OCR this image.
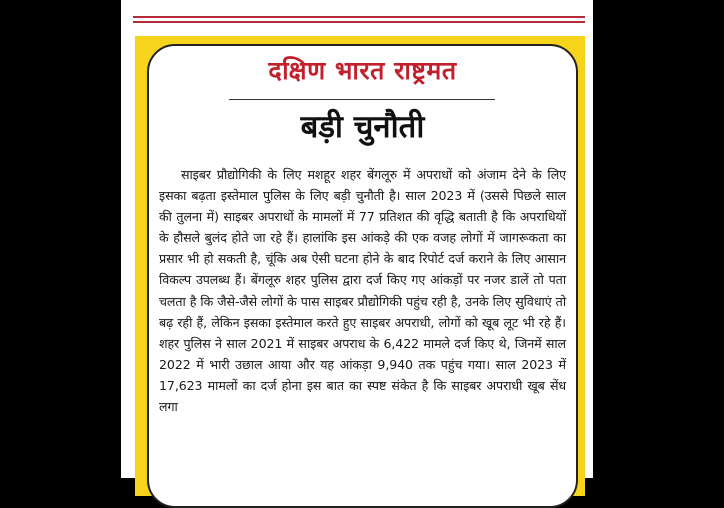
दक्षिण भारत राष्ट्रमत
बड़ी चुनौती

साइबर प्रौद्योगिकी के लिए मशहूर शहर बेंगलूरु में अपराधों को अंजाम देने के लिए इसका बढ़ता इस्तेमाल पुलिस के लिए बड़ी चुनौती है। साल 2023 में (उससे पिछले साल की तुलना में) साइबर अपराधों के मामलों में 77 प्रतिशत की वृद्धि बताती है कि अपराधियों के हौसले बुलंद होते जा रहे हैं। हालांकि इस आंकड़े की एक वजह लोगों में जागरूकता का प्रसार भी हो सकती है, चूंकि अब ऐसी घटना होने के बाद रिपोर्ट दर्ज कराने के लिए आसान विकल्प उपलब्ध हैं। बेंगलूरु शहर पुलिस द्वारा दर्ज किए गए आंकड़ों पर नजर डालें तो पता चलता है कि जैसे-जैसे लोगों के पास साइबर प्रौद्योगिकी पहुंच रही है, उनके लिए सुविधाएं तो बढ़ रही हैं, लेकिन इसका इस्तेमाल करते हुए साइबर अपराधी, लोगों को खूब लूट भी रहे हैं। शहर पुलिस ने साल 2021 में साइबर अपराध के 6,422 मामले दर्ज किए थे, जिनमें साल 2022 में भारी उछाल आया और यह आंकड़ा 9,940 तक पहुंच गया। साल 2023 में 17,623 मामलों का दर्ज होना इस बात का स्पष्ट संकेत है कि साइबर अपराधी खूब सेंध लगा
